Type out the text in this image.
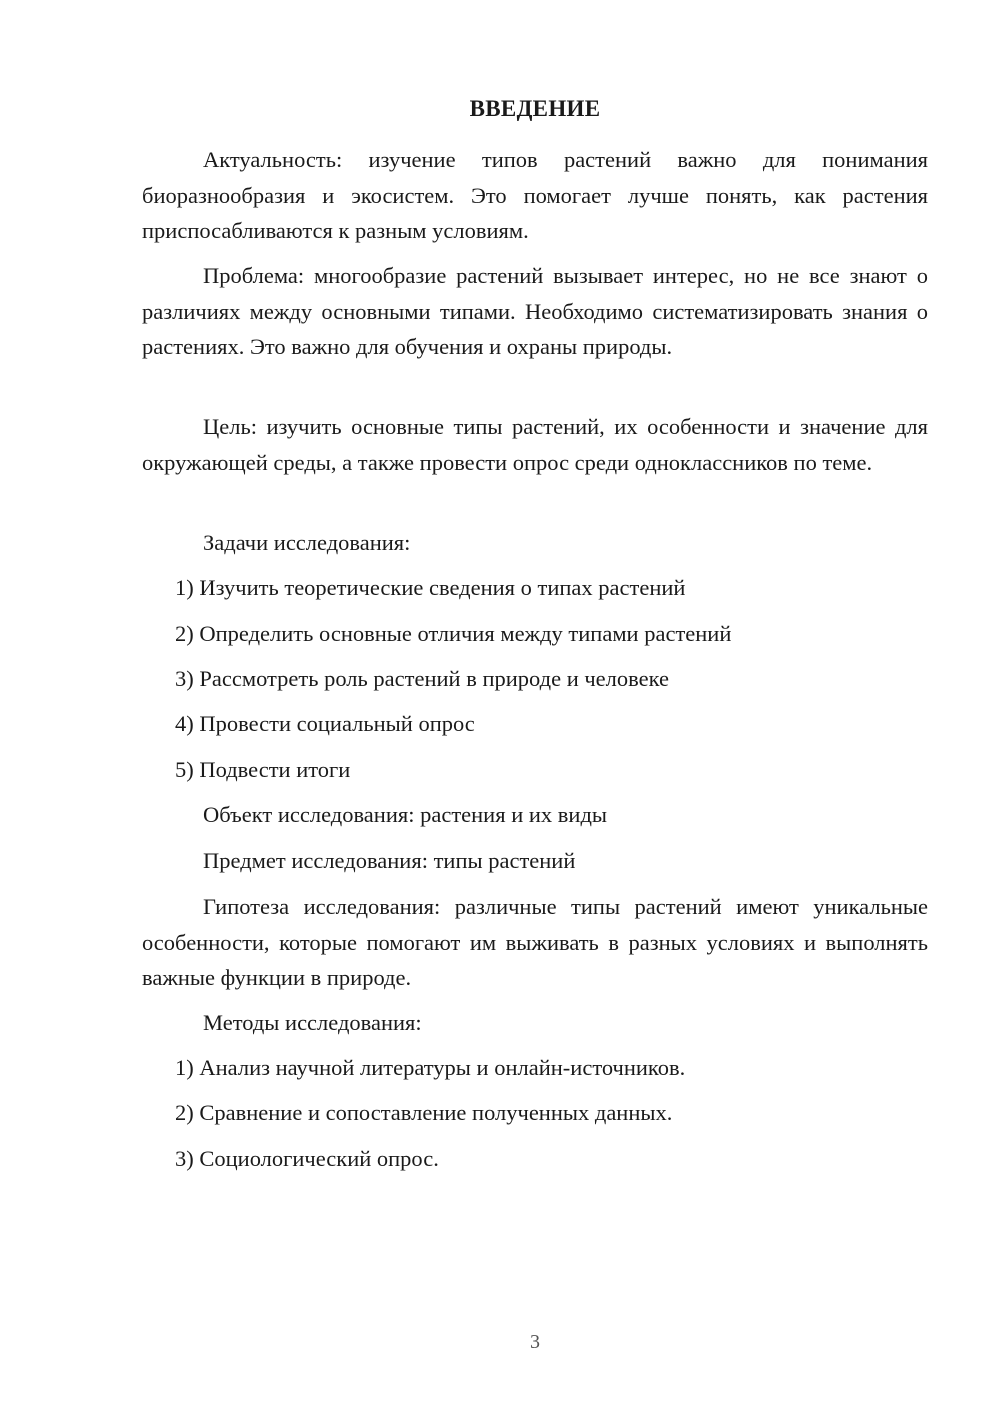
ВВЕДЕНИЕ

Актуальность: изучение типов растений важно для понимания биоразнообразия и экосистем. Это помогает лучше понять, как растения приспосабливаются к разным условиям.

Проблема: многообразие растений вызывает интерес, но не все знают о различиях между основными типами. Необходимо систематизировать знания о растениях. Это важно для обучения и охраны природы.

Цель: изучить основные типы растений, их особенности и значение для окружающей среды, а также провести опрос среди одноклассников по теме.

Задачи исследования:

1) Изучить теоретические сведения о типах растений

2) Определить основные отличия между типами растений

3) Рассмотреть роль растений в природе и человеке

4) Провести социальный опрос

5) Подвести итоги

Объект исследования: растения и их виды

Предмет исследования: типы растений

Гипотеза исследования: различные типы растений имеют уникальные особенности, которые помогают им выживать в разных условиях и выполнять важные функции в природе.

Методы исследования:

1) Анализ научной литературы и онлайн-источников.

2) Сравнение и сопоставление полученных данных.

3) Социологический опрос.

3
